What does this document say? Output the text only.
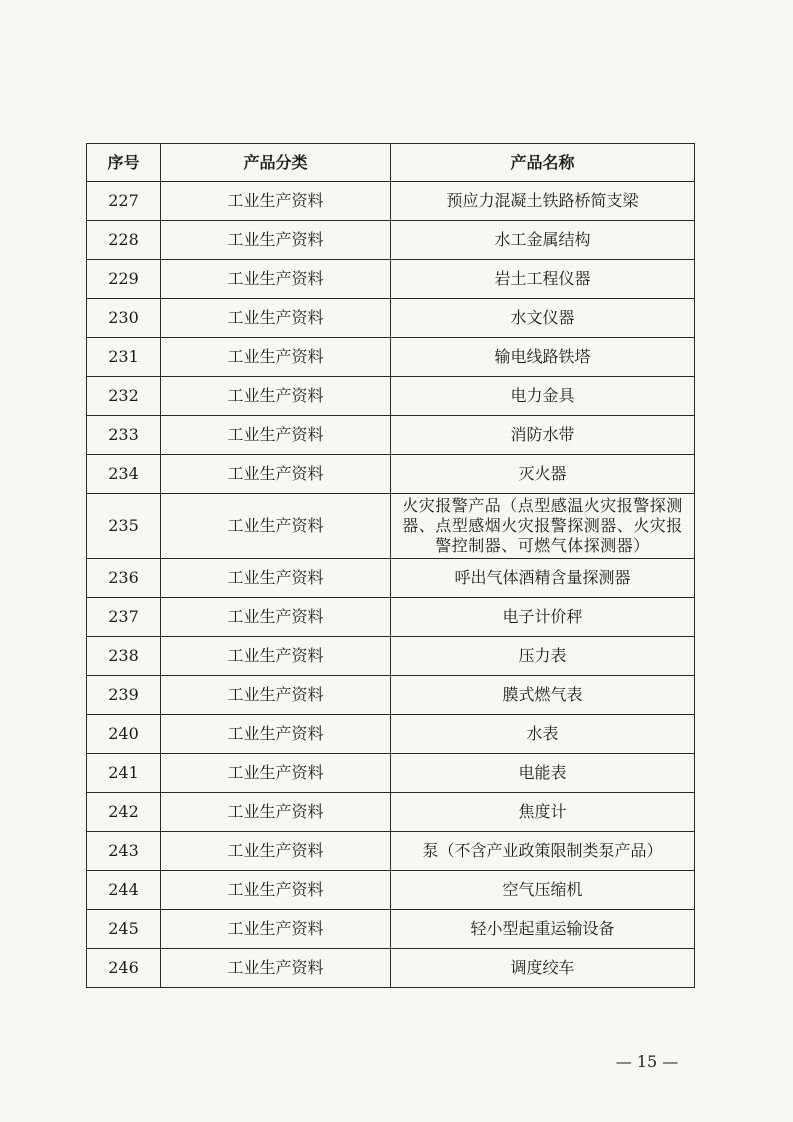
序号	产品分类	产品名称
227	工业生产资料	预应力混凝土铁路桥简支梁
228	工业生产资料	水工金属结构
229	工业生产资料	岩土工程仪器
230	工业生产资料	水文仪器
231	工业生产资料	输电线路铁塔
232	工业生产资料	电力金具
233	工业生产资料	消防水带
234	工业生产资料	灭火器
235	工业生产资料	火灾报警产品（点型感温火灾报警探测器、点型感烟火灾报警探测器、火灾报警控制器、可燃气体探测器）
236	工业生产资料	呼出气体酒精含量探测器
237	工业生产资料	电子计价秤
238	工业生产资料	压力表
239	工业生产资料	膜式燃气表
240	工业生产资料	水表
241	工业生产资料	电能表
242	工业生产资料	焦度计
243	工业生产资料	泵（不含产业政策限制类泵产品）
244	工业生产资料	空气压缩机
245	工业生产资料	轻小型起重运输设备
246	工业生产资料	调度绞车
— 15 —
